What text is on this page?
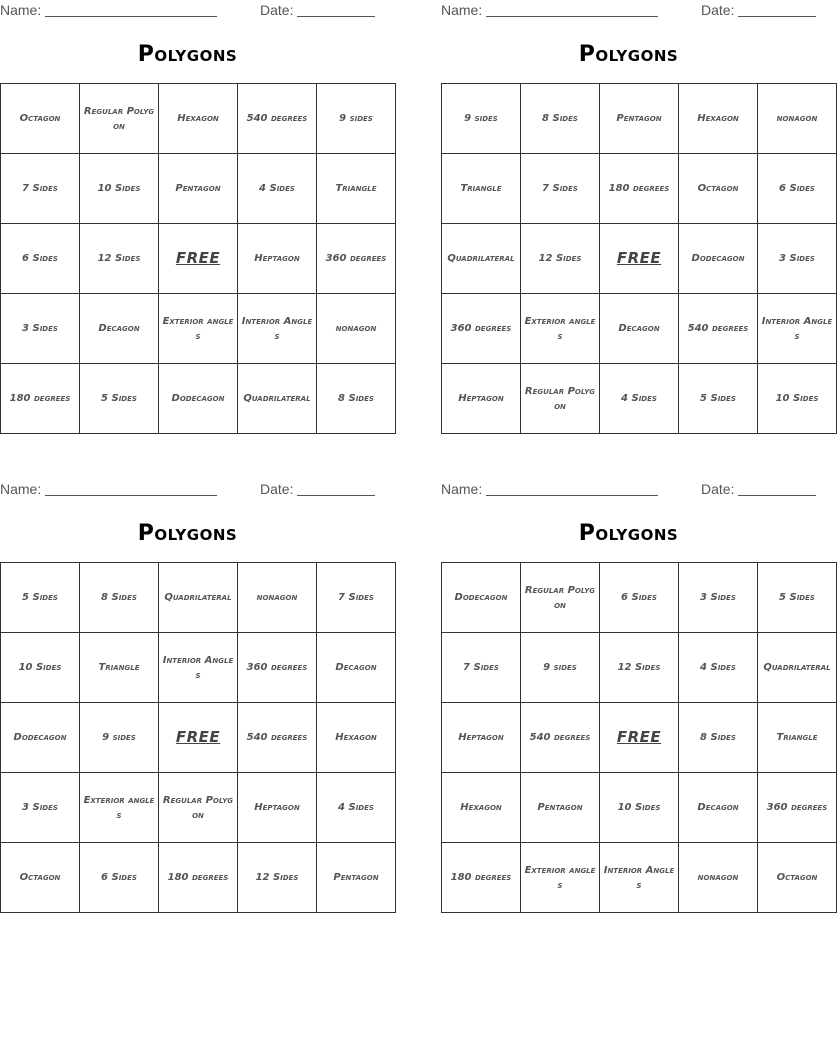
Name:	Date:
Polygons
Octagon	Regular Polygon	Hexagon	540 degrees	9 sides
7 Sides	10 Sides	Pentagon	4 Sides	Triangle
6 Sides	12 Sides	FREE	Heptagon	360 degrees
3 Sides	Decagon	Exterior angles	Interior Angles	nonagon
180 degrees	5 Sides	Dodecagon	Quadrilateral	8 Sides
Name:	Date:
Polygons
9 sides	8 Sides	Pentagon	Hexagon	nonagon
Triangle	7 Sides	180 degrees	Octagon	6 Sides
Quadrilateral	12 Sides	FREE	Dodecagon	3 Sides
360 degrees	Exterior angles	Decagon	540 degrees	Interior Angles
Heptagon	Regular Polygon	4 Sides	5 Sides	10 Sides
Name:	Date:
Polygons
5 Sides	8 Sides	Quadrilateral	nonagon	7 Sides
10 Sides	Triangle	Interior Angles	360 degrees	Decagon
Dodecagon	9 sides	FREE	540 degrees	Hexagon
3 Sides	Exterior angles	Regular Polygon	Heptagon	4 Sides
Octagon	6 Sides	180 degrees	12 Sides	Pentagon
Name:	Date:
Polygons
Dodecagon	Regular Polygon	6 Sides	3 Sides	5 Sides
7 Sides	9 sides	12 Sides	4 Sides	Quadrilateral
Heptagon	540 degrees	FREE	8 Sides	Triangle
Hexagon	Pentagon	10 Sides	Decagon	360 degrees
180 degrees	Exterior angles	Interior Angles	nonagon	Octagon
